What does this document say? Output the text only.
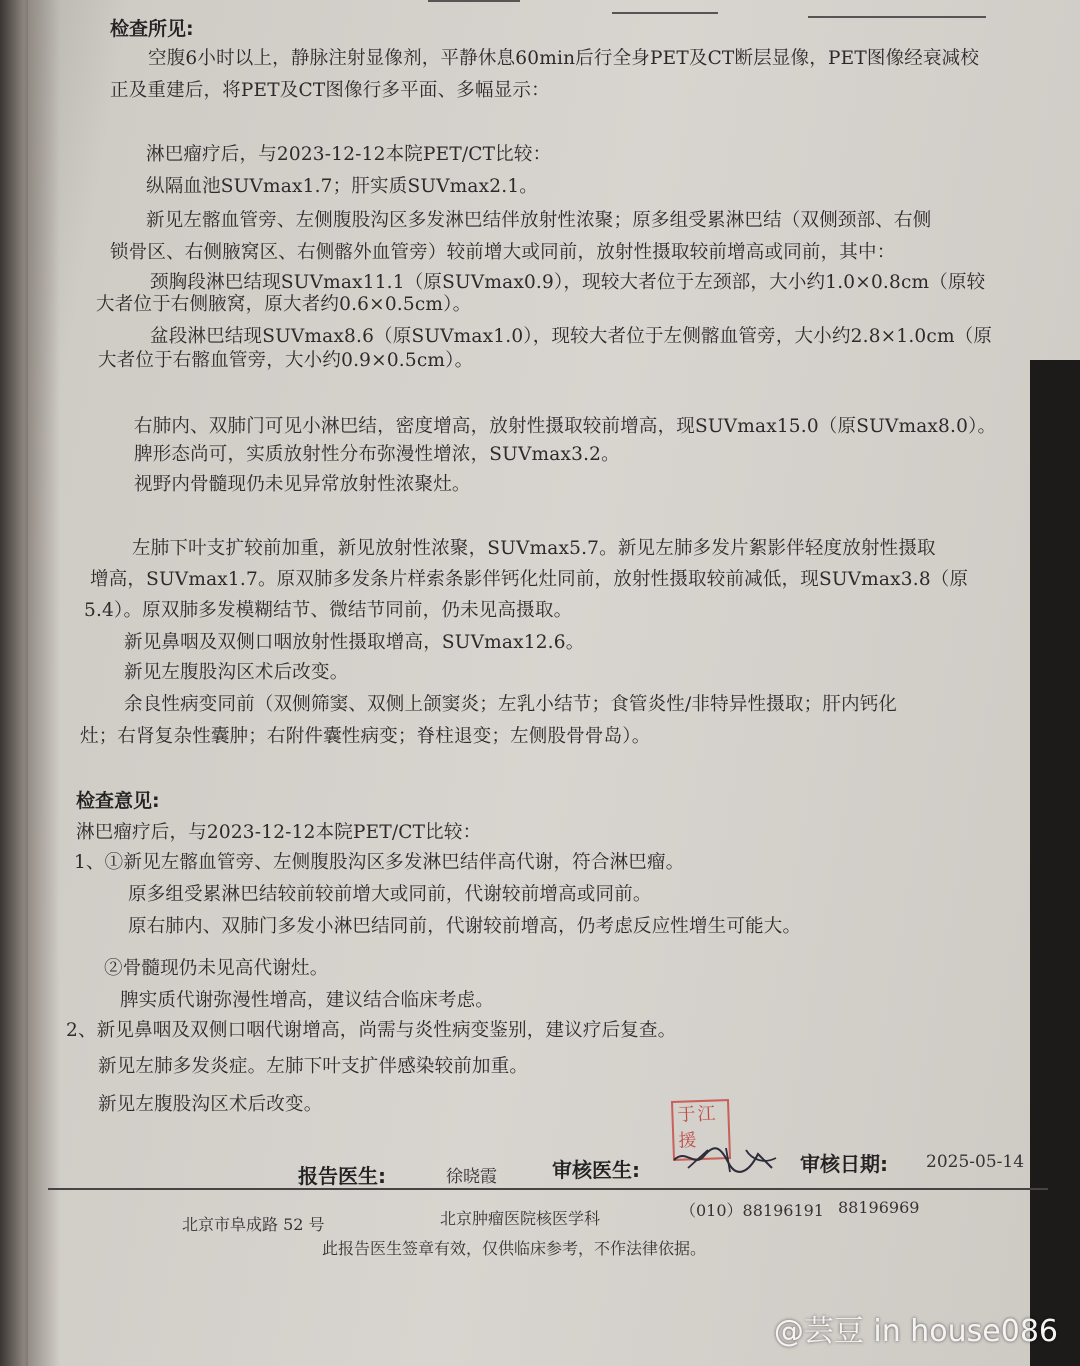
检查所见:
空腹6小时以上，静脉注射显像剂，平静休息60min后行全身PET及CT断层显像，PET图像经衰减校
正及重建后，将PET及CT图像行多平面、多幅显示：
淋巴瘤疗后，与2023-12-12本院PET/CT比较：
纵隔血池SUVmax1.7；肝实质SUVmax2.1。
新见左髂血管旁、左侧腹股沟区多发淋巴结伴放射性浓聚；原多组受累淋巴结（双侧颈部、右侧
锁骨区、右侧腋窝区、右侧髂外血管旁）较前增大或同前，放射性摄取较前增高或同前，其中：
颈胸段淋巴结现SUVmax11.1（原SUVmax0.9），现较大者位于左颈部，大小约1.0×0.8cm（原较
大者位于右侧腋窝，原大者约0.6×0.5cm）。
盆段淋巴结现SUVmax8.6（原SUVmax1.0），现较大者位于左侧髂血管旁，大小约2.8×1.0cm（原
大者位于右髂血管旁，大小约0.9×0.5cm）。
右肺内、双肺门可见小淋巴结，密度增高，放射性摄取较前增高，现SUVmax15.0（原SUVmax8.0）。
脾形态尚可，实质放射性分布弥漫性增浓，SUVmax3.2。
视野内骨髓现仍未见异常放射性浓聚灶。
左肺下叶支扩较前加重，新见放射性浓聚，SUVmax5.7。新见左肺多发片絮影伴轻度放射性摄取
增高，SUVmax1.7。原双肺多发条片样索条影伴钙化灶同前，放射性摄取较前减低，现SUVmax3.8（原
5.4）。原双肺多发模糊结节、微结节同前，仍未见高摄取。
新见鼻咽及双侧口咽放射性摄取增高，SUVmax12.6。
新见左腹股沟区术后改变。
余良性病变同前（双侧筛窦、双侧上颌窦炎；左乳小结节；食管炎性/非特异性摄取；肝内钙化
灶；右肾复杂性囊肿；右附件囊性病变；脊柱退变；左侧股骨骨岛）。
检查意见:
淋巴瘤疗后，与2023-12-12本院PET/CT比较：
1、①新见左髂血管旁、左侧腹股沟区多发淋巴结伴高代谢，符合淋巴瘤。
原多组受累淋巴结较前较前增大或同前，代谢较前增高或同前。
原右肺内、双肺门多发小淋巴结同前，代谢较前增高，仍考虑反应性增生可能大。
②骨髓现仍未见高代谢灶。
脾实质代谢弥漫性增高，建议结合临床考虑。
2、新见鼻咽及双侧口咽代谢增高，尚需与炎性病变鉴别，建议疗后复查。
新见左肺多发炎症。左肺下叶支扩伴感染较前加重。
新见左腹股沟区术后改变。	于江
援
报告医生:	徐晓霞	审核医生:	审核日期: 2025-05-14
北京市阜成路 52 号	北京肿瘤医院核医学科	（010）88196191 88196969
此报告医生签章有效，仅供临床参考，不作法律依据。
@芸豆 in house086
